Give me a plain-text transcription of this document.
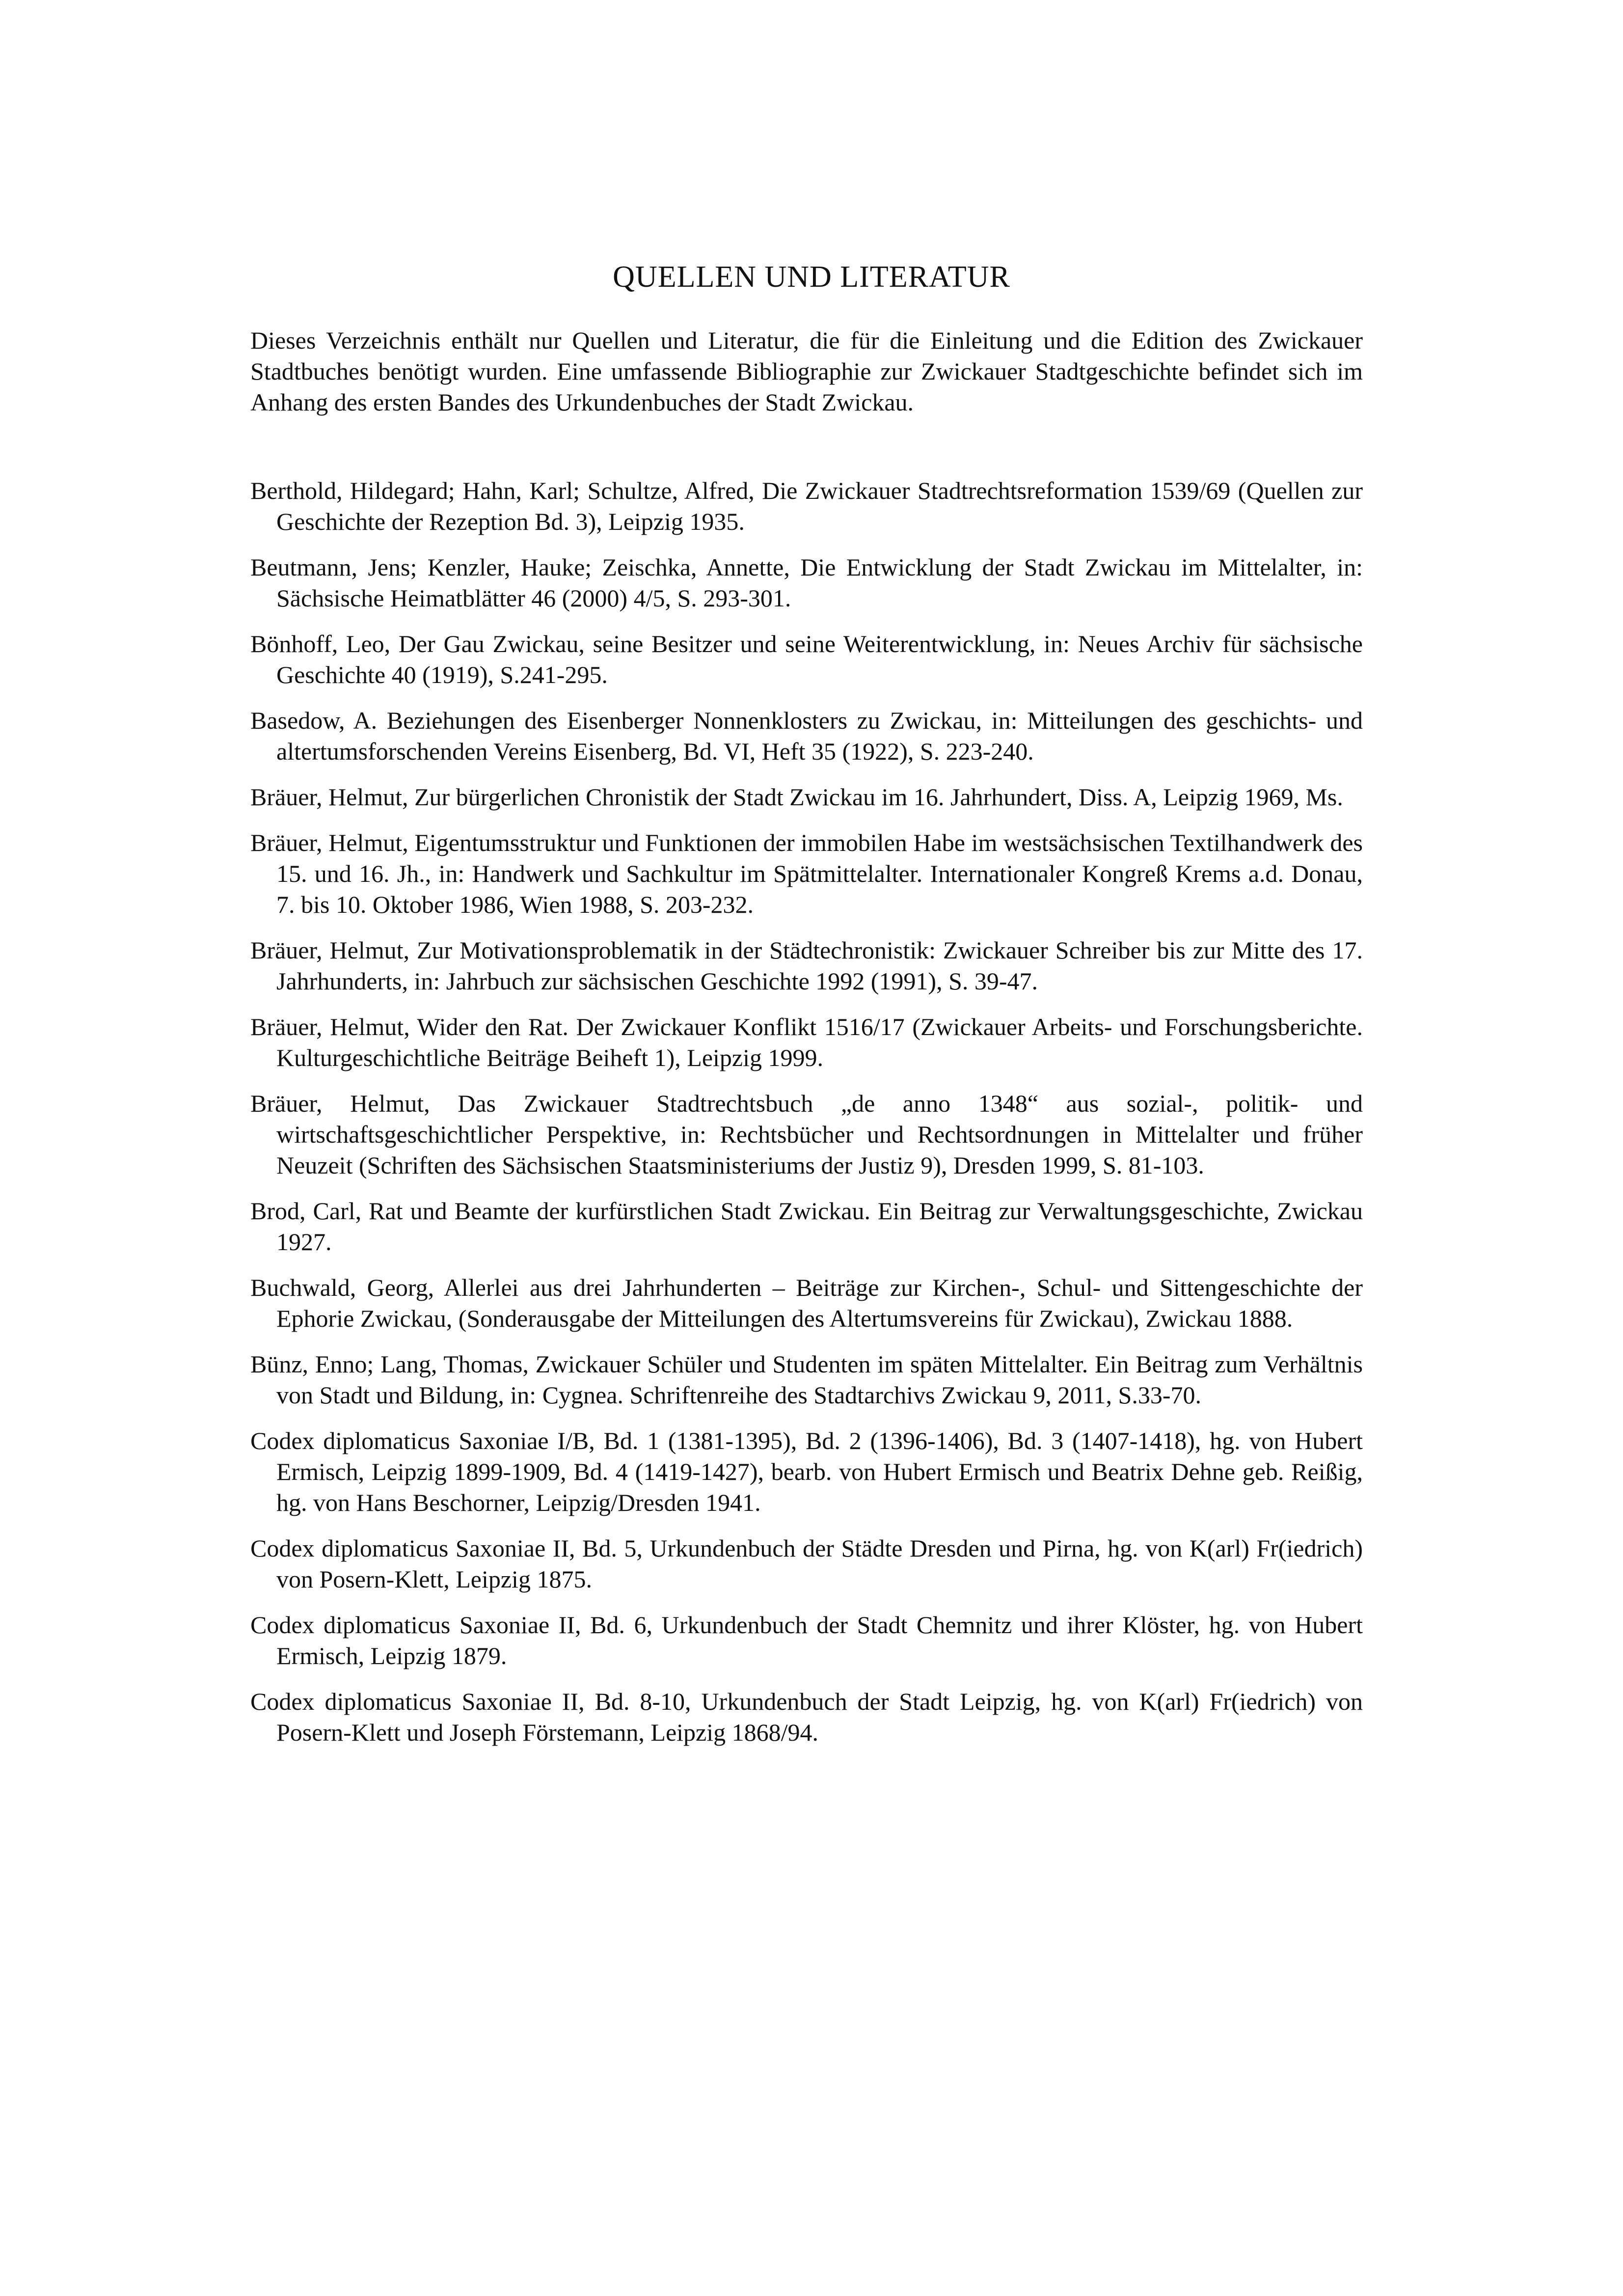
QUELLEN UND LITERATUR

Dieses Verzeichnis enthält nur Quellen und Literatur, die für die Einleitung und die Edition des Zwickauer Stadtbuches benötigt wurden. Eine umfassende Bibliographie zur Zwickauer Stadtgeschichte befindet sich im Anhang des ersten Bandes des Urkundenbuches der Stadt Zwickau.

Berthold, Hildegard; Hahn, Karl; Schultze, Alfred, Die Zwickauer Stadtrechtsreformation 1539/69 (Quellen zur Geschichte der Rezeption Bd. 3), Leipzig 1935.
Beutmann, Jens; Kenzler, Hauke; Zeischka, Annette, Die Entwicklung der Stadt Zwickau im Mittelalter, in: Sächsische Heimatblätter 46 (2000) 4/5, S. 293-301.
Bönhoff, Leo, Der Gau Zwickau, seine Besitzer und seine Weiterentwicklung, in: Neues Archiv für sächsische Geschichte 40 (1919), S.241-295.
Basedow, A. Beziehungen des Eisenberger Nonnenklosters zu Zwickau, in: Mitteilungen des geschichts- und altertumsforschenden Vereins Eisenberg, Bd. VI, Heft 35 (1922), S. 223-240.
Bräuer, Helmut, Zur bürgerlichen Chronistik der Stadt Zwickau im 16. Jahrhundert, Diss. A, Leipzig 1969, Ms.
Bräuer, Helmut, Eigentumsstruktur und Funktionen der immobilen Habe im westsächsischen Textilhandwerk des 15. und 16. Jh., in: Handwerk und Sachkultur im Spätmittelalter. Internationaler Kongreß Krems a.d. Donau, 7. bis 10. Oktober 1986, Wien 1988, S. 203-232.
Bräuer, Helmut, Zur Motivationsproblematik in der Städtechronistik: Zwickauer Schreiber bis zur Mitte des 17. Jahrhunderts, in: Jahrbuch zur sächsischen Geschichte 1992 (1991), S. 39-47.
Bräuer, Helmut, Wider den Rat. Der Zwickauer Konflikt 1516/17 (Zwickauer Arbeits- und Forschungsberichte. Kulturgeschichtliche Beiträge Beiheft 1), Leipzig 1999.
Bräuer, Helmut, Das Zwickauer Stadtrechtsbuch „de anno 1348“ aus sozial-, politik- und wirtschaftsgeschichtlicher Perspektive, in: Rechtsbücher und Rechtsordnungen in Mittelalter und früher Neuzeit (Schriften des Sächsischen Staatsministeriums der Justiz 9), Dresden 1999, S. 81-103.
Brod, Carl, Rat und Beamte der kurfürstlichen Stadt Zwickau. Ein Beitrag zur Verwaltungsgeschichte, Zwickau 1927.
Buchwald, Georg, Allerlei aus drei Jahrhunderten – Beiträge zur Kirchen-, Schul- und Sittengeschichte der Ephorie Zwickau, (Sonderausgabe der Mitteilungen des Altertumsvereins für Zwickau), Zwickau 1888.
Bünz, Enno; Lang, Thomas, Zwickauer Schüler und Studenten im späten Mittelalter. Ein Beitrag zum Verhältnis von Stadt und Bildung, in: Cygnea. Schriftenreihe des Stadtarchivs Zwickau 9, 2011, S.33-70.
Codex diplomaticus Saxoniae I/B, Bd. 1 (1381-1395), Bd. 2 (1396-1406), Bd. 3 (1407-1418), hg. von Hubert Ermisch, Leipzig 1899-1909, Bd. 4 (1419-1427), bearb. von Hubert Ermisch und Beatrix Dehne geb. Reißig, hg. von Hans Beschorner, Leipzig/Dresden 1941.
Codex diplomaticus Saxoniae II, Bd. 5, Urkundenbuch der Städte Dresden und Pirna, hg. von K(arl) Fr(iedrich) von Posern-Klett, Leipzig 1875.
Codex diplomaticus Saxoniae II, Bd. 6, Urkundenbuch der Stadt Chemnitz und ihrer Klöster, hg. von Hubert Ermisch, Leipzig 1879.
Codex diplomaticus Saxoniae II, Bd. 8-10, Urkundenbuch der Stadt Leipzig, hg. von K(arl) Fr(iedrich) von Posern-Klett und Joseph Förstemann, Leipzig 1868/94.
